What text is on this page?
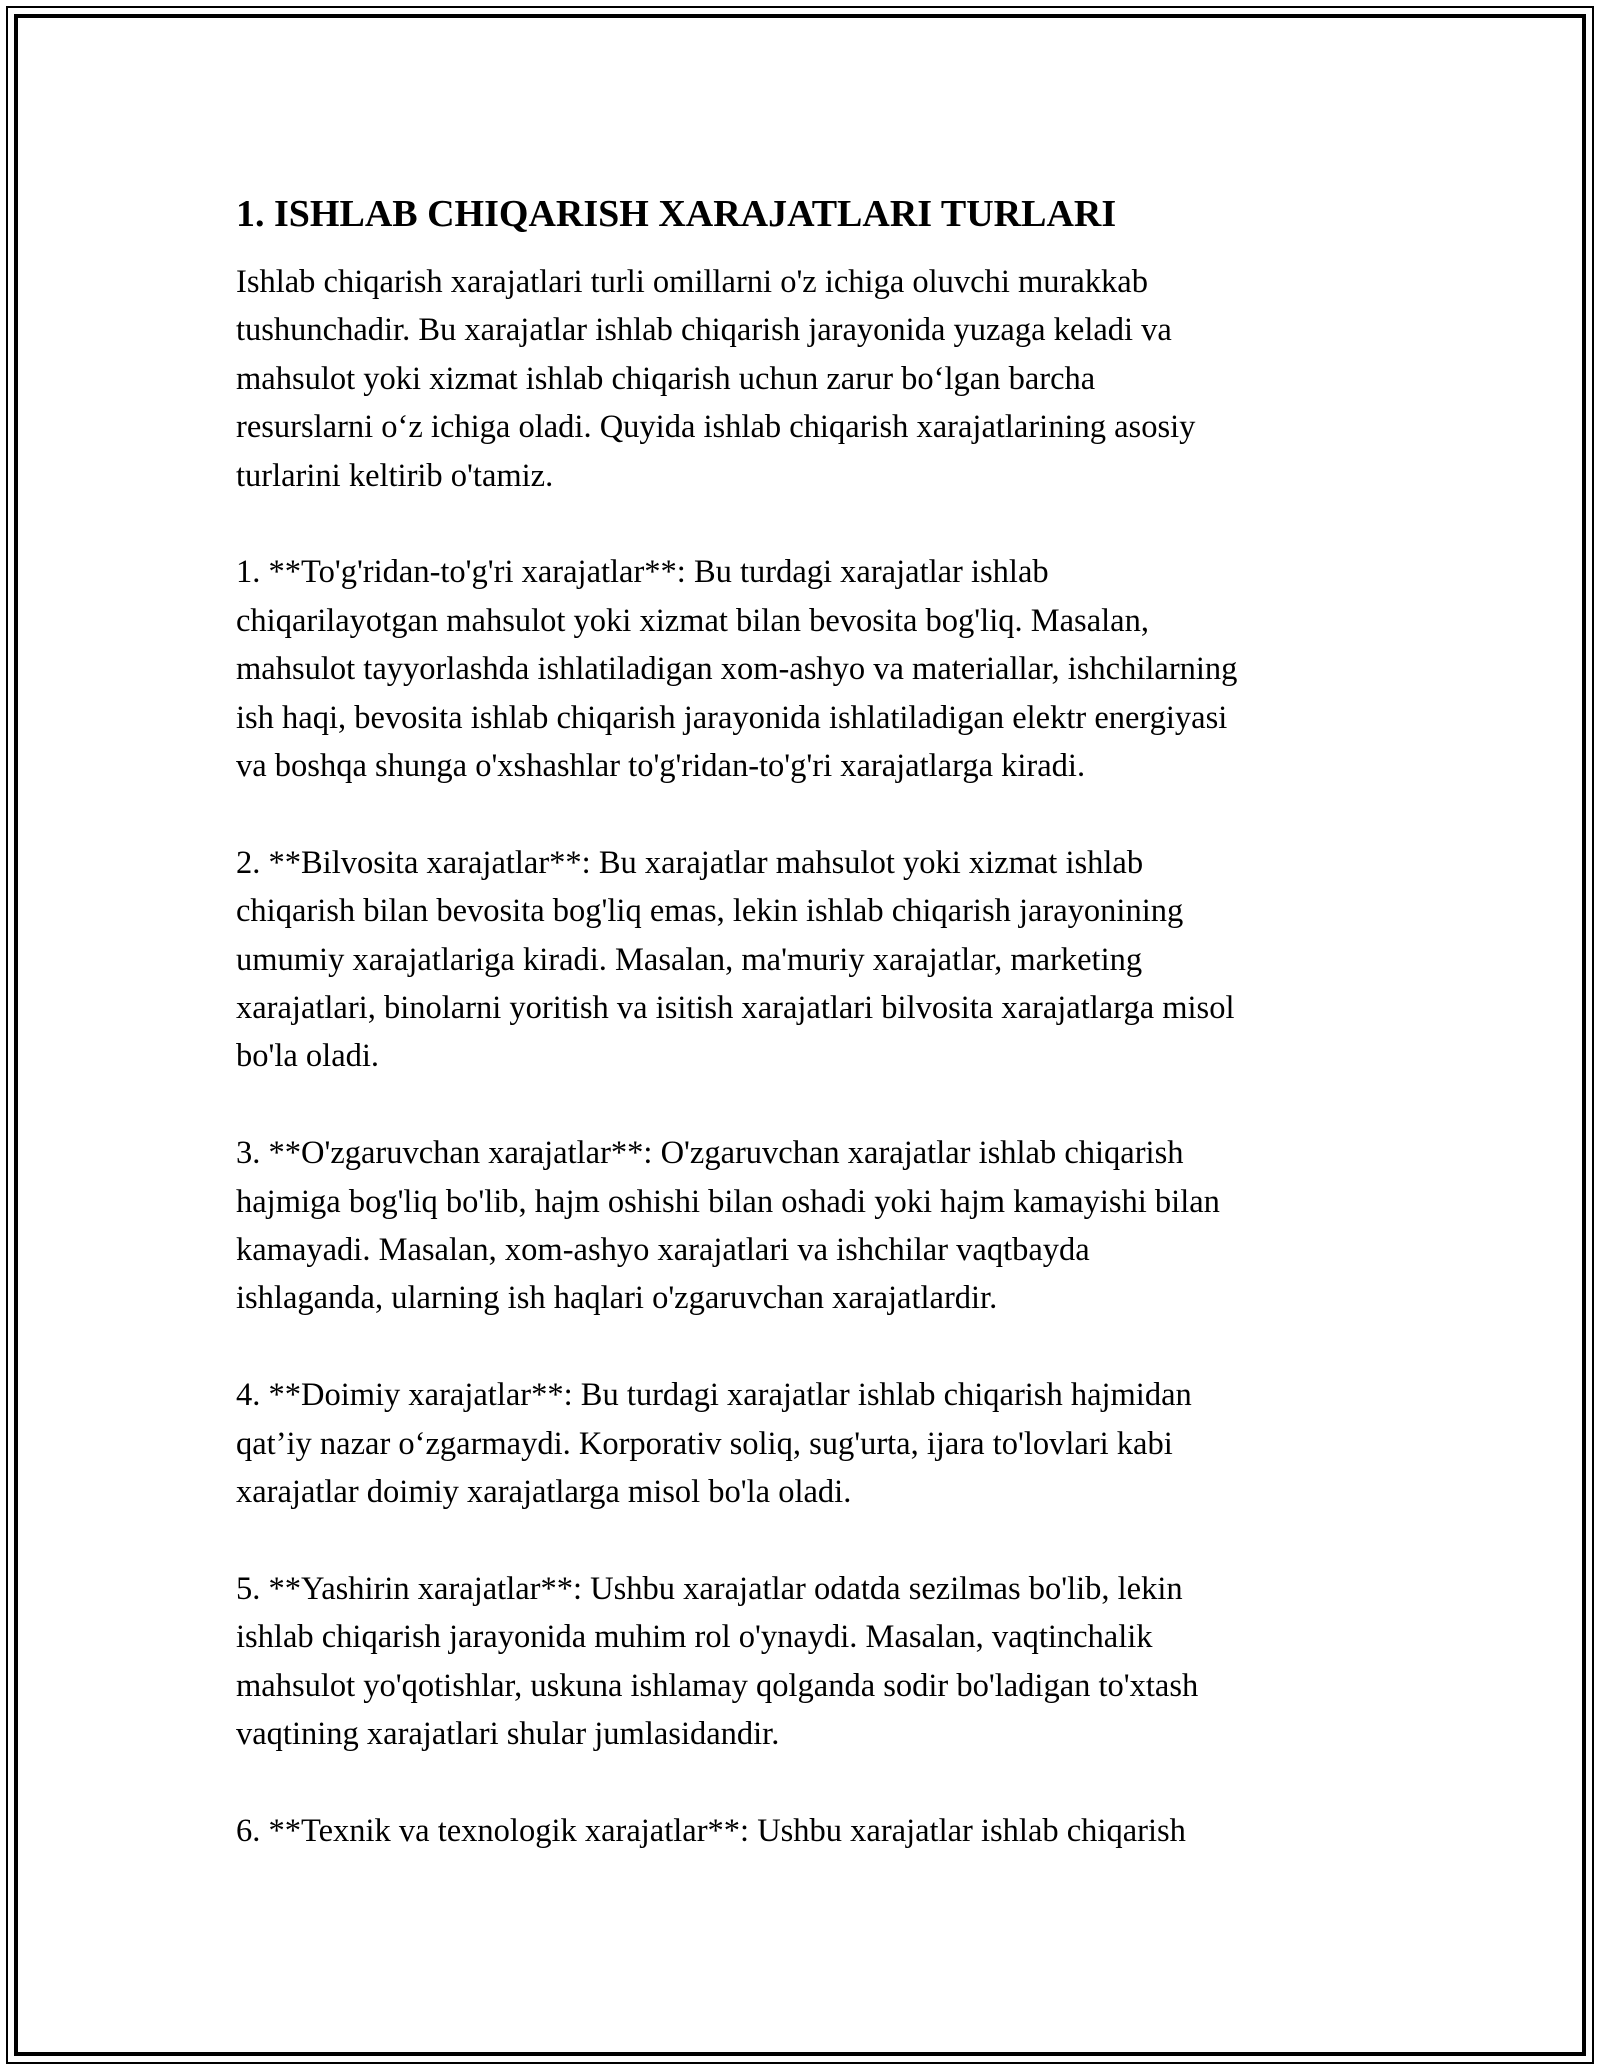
1. ISHLAB CHIQARISH XARAJATLARI TURLARI

Ishlab chiqarish xarajatlari turli omillarni o'z ichiga oluvchi murakkab
tushunchadir. Bu xarajatlar ishlab chiqarish jarayonida yuzaga keladi va
mahsulot yoki xizmat ishlab chiqarish uchun zarur bo‘lgan barcha
resurslarni o‘z ichiga oladi. Quyida ishlab chiqarish xarajatlarining asosiy
turlarini keltirib o'tamiz.

1. **To'g'ridan-to'g'ri xarajatlar**: Bu turdagi xarajatlar ishlab
chiqarilayotgan mahsulot yoki xizmat bilan bevosita bog'liq. Masalan,
mahsulot tayyorlashda ishlatiladigan xom-ashyo va materiallar, ishchilarning
ish haqi, bevosita ishlab chiqarish jarayonida ishlatiladigan elektr energiyasi
va boshqa shunga o'xshashlar to'g'ridan-to'g'ri xarajatlarga kiradi.

2. **Bilvosita xarajatlar**: Bu xarajatlar mahsulot yoki xizmat ishlab
chiqarish bilan bevosita bog'liq emas, lekin ishlab chiqarish jarayonining
umumiy xarajatlariga kiradi. Masalan, ma'muriy xarajatlar, marketing
xarajatlari, binolarni yoritish va isitish xarajatlari bilvosita xarajatlarga misol
bo'la oladi.

3. **O'zgaruvchan xarajatlar**: O'zgaruvchan xarajatlar ishlab chiqarish
hajmiga bog'liq bo'lib, hajm oshishi bilan oshadi yoki hajm kamayishi bilan
kamayadi. Masalan, xom-ashyo xarajatlari va ishchilar vaqtbayda
ishlaganda, ularning ish haqlari o'zgaruvchan xarajatlardir.

4. **Doimiy xarajatlar**: Bu turdagi xarajatlar ishlab chiqarish hajmidan
qat’iy nazar o‘zgarmaydi. Korporativ soliq, sug'urta, ijara to'lovlari kabi
xarajatlar doimiy xarajatlarga misol bo'la oladi.

5. **Yashirin xarajatlar**: Ushbu xarajatlar odatda sezilmas bo'lib, lekin
ishlab chiqarish jarayonida muhim rol o'ynaydi. Masalan, vaqtinchalik
mahsulot yo'qotishlar, uskuna ishlamay qolganda sodir bo'ladigan to'xtash
vaqtining xarajatlari shular jumlasidandir.

6. **Texnik va texnologik xarajatlar**: Ushbu xarajatlar ishlab chiqarish
